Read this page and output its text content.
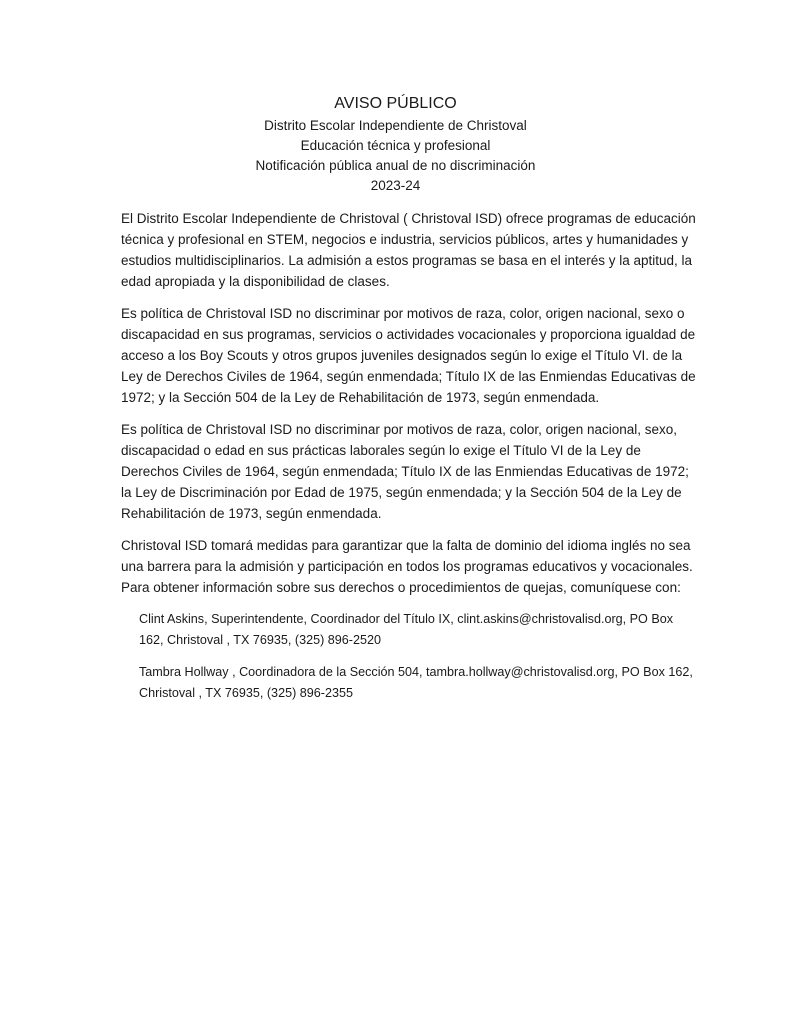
AVISO PÚBLICO
Distrito Escolar Independiente de Christoval
Educación técnica y profesional
Notificación pública anual de no discriminación
2023-24

El Distrito Escolar Independiente de Christoval ( Christoval ISD) ofrece programas de educación técnica y profesional en STEM, negocios e industria, servicios públicos, artes y humanidades y estudios multidisciplinarios. La admisión a estos programas se basa en el interés y la aptitud, la edad apropiada y la disponibilidad de clases.

Es política de Christoval ISD no discriminar por motivos de raza, color, origen nacional, sexo o discapacidad en sus programas, servicios o actividades vocacionales y proporciona igualdad de acceso a los Boy Scouts y otros grupos juveniles designados según lo exige el Título VI. de la Ley de Derechos Civiles de 1964, según enmendada; Título IX de las Enmiendas Educativas de 1972; y la Sección 504 de la Ley de Rehabilitación de 1973, según enmendada.

Es política de Christoval ISD no discriminar por motivos de raza, color, origen nacional, sexo, discapacidad o edad en sus prácticas laborales según lo exige el Título VI de la Ley de Derechos Civiles de 1964, según enmendada; Título IX de las Enmiendas Educativas de 1972; la Ley de Discriminación por Edad de 1975, según enmendada; y la Sección 504 de la Ley de Rehabilitación de 1973, según enmendada.

Christoval ISD tomará medidas para garantizar que la falta de dominio del idioma inglés no sea una barrera para la admisión y participación en todos los programas educativos y vocacionales. Para obtener información sobre sus derechos o procedimientos de quejas, comuníquese con:

Clint Askins, Superintendente, Coordinador del Título IX, clint.askins@christovalisd.org, PO Box 162, Christoval , TX 76935, (325) 896-2520

Tambra Hollway , Coordinadora de la Sección 504, tambra.hollway@christovalisd.org, PO Box 162, Christoval , TX 76935, (325) 896-2355
